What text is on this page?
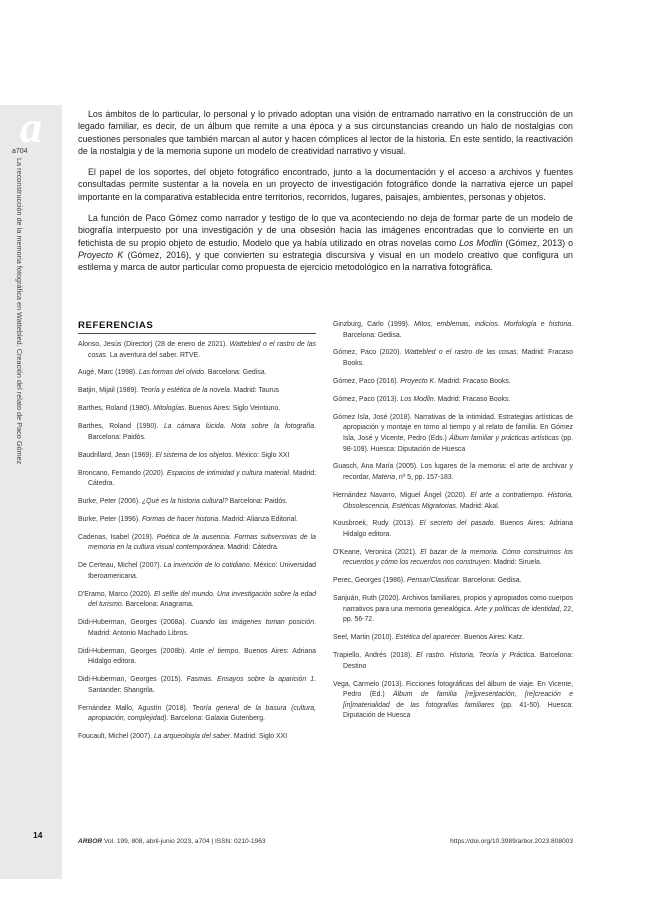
a
a704
La reconstrucción de la memoria fotográfica en Wattebled. Creación del relato de Paco Gómez
14

Los ámbitos de lo particular, lo personal y lo privado adoptan una visión de entramado narrativo en la construcción de un legado familiar, es decir, de un álbum que remite a una época y a sus circunstancias creando un halo de nostalgias con cuestiones personales que también marcan al autor y hacen cómplices al lector de la historia. En este sentido, la reactivación de la nostalgia y de la memoria supone un modelo de creatividad narrativo y visual.

El papel de los soportes, del objeto fotográfico encontrado, junto a la documentación y el acceso a archivos y fuentes consultadas permite sustentar a la novela en un proyecto de investigación fotográfico donde la narrativa ejerce un papel importante en la comparativa establecida entre territorios, recorridos, lugares, paisajes, ambientes, personas y objetos.

La función de Paco Gómez como narrador y testigo de lo que va aconteciendo no deja de formar parte de un modelo de biografía interpuesto por una investigación y de una obsesión hacia las imágenes encontradas que lo convierte en un fetichista de su propio objeto de estudio. Modelo que ya había utilizado en otras novelas como Los Modlin (Gómez, 2013) o Proyecto K (Gómez, 2016), y que convierten su estrategia discursiva y visual en un modelo creativo que configura un estilema y marca de autor particular como propuesta de ejercicio metodológico en la narrativa fotográfica.

REFERENCIAS
Alonso, Jesús (Director) (28 de enero de 2021). Wattebled o el rastro de las cosas. La aventura del saber. RTVE.
Augé, Marc (1998). Las formas del olvido. Barcelona: Gedisa.
Batjin, Mijail (1989). Teoría y estética de la novela. Madrid: Taurus
Barthes, Roland (1980). Mitologías. Buenos Aires: Siglo Veintiuno.
Barthes, Roland (1990). La cámara lúcida. Nota sobre la fotografía. Barcelona: Paidós.
Baudrillard, Jean (1969). El sistema de los objetos. México: Siglo XXI
Broncano, Fernando (2020). Espacios de intimidad y cultura material. Madrid: Cátedra.
Burke, Peter (2006). ¿Qué es la historia cultural? Barcelona: Paidós.
Burke, Peter (1996). Formas de hacer historia. Madrid: Alianza Editorial.
Cadenas, Isabel (2019). Poética de la ausencia. Formas subversivas de la memoria en la cultura visual contemporánea. Madrid: Cátedra.
De Certeau, Michel (2007). La invención de lo cotidiano. México: Universidad Iberoamericana.
D'Eramo, Marco (2020). El selfie del mundo. Una investigación sobre la edad del turismo. Barcelona: Anagrama.
Didi-Huberman, Georges (2008a). Cuando las imágenes toman posición. Madrid: Antonio Machado Libros.
Didi-Huberman, Georges (2008b). Ante el tiempo. Buenos Aires: Adriana Hidalgo editora.
Didi-Huberman, Georges (2015). Fasmas. Ensayos sobre la aparición 1. Santander: Shangrila.
Fernández Mallo, Agustín (2018). Teoría general de la basura (cultura, apropiación, complejidad). Barcelona: Galaxia Gutenberg.
Foucault, Michel (2007). La arqueología del saber. Madrid: Siglo XXI
Ginzburg, Carlo (1999). Mitos, emblemas, indicios. Morfología e historia. Barcelona: Gedisa.
Gómez, Paco (2020). Wattebled o el rastro de las cosas. Madrid: Fracaso Books.
Gómez, Paco (2016). Proyecto K. Madrid: Fracaso Books.
Gómez, Paco (2013). Los Modlin. Madrid: Fracaso Books.
Gómez Isla, José (2018). Narrativas de la intimidad. Estrategias artísticas de apropiación y montaje en torno al tiempo y al relato de familia. En Gómez Isla, José y Vicente, Pedro (Eds.) Álbum familiar y prácticas artísticas (pp. 98-109). Huesca: Diputación de Huesca
Guasch, Ana María (2005). Los lugares de la memoria: el arte de archivar y recordar, Materia, nº 5, pp. 157-183.
Hernández Navarro, Miguel Ángel (2020). El arte a contratiempo. Historia, Obsolescencia, Estéticas Migratorias. Madrid: Akal.
Kousbroek, Rudy (2013). El secreto del pasado. Buenos Aires: Adriana Hidalgo editora.
O'Keane, Veronica (2021). El bazar de la memoria. Cómo construimos los recuerdos y cómo los recuerdos nos construyen. Madrid: Siruela.
Perec, Georges (1986). Pensar/Clasificar. Barcelona: Gedisa.
Sanjuán, Ruth (2020). Archivos familiares, propios y apropiados como cuerpos narrativos para una memoria genealógica. Arte y políticas de identidad, 22, pp. 56-72.
Seel, Martin (2010). Estética del aparecer. Buenos Aires: Katz.
Trapiello, Andrés (2018). El rastro. Historia, Teoría y Práctica. Barcelona: Destino
Vega, Carmelo (2013). Ficciones fotográficas del álbum de viaje. En Vicente, Pedro (Ed.) Álbum de familia [re]presentación, [re]creación e [in]materialidad de las fotografías familiares (pp. 41-50). Huesca: Diputación de Huesca
ARBOR Vol. 199, 808, abril-junio 2023, a704 | ISSN: 0210-1963	https://doi.org/10.3989/arbor.2023.808003
